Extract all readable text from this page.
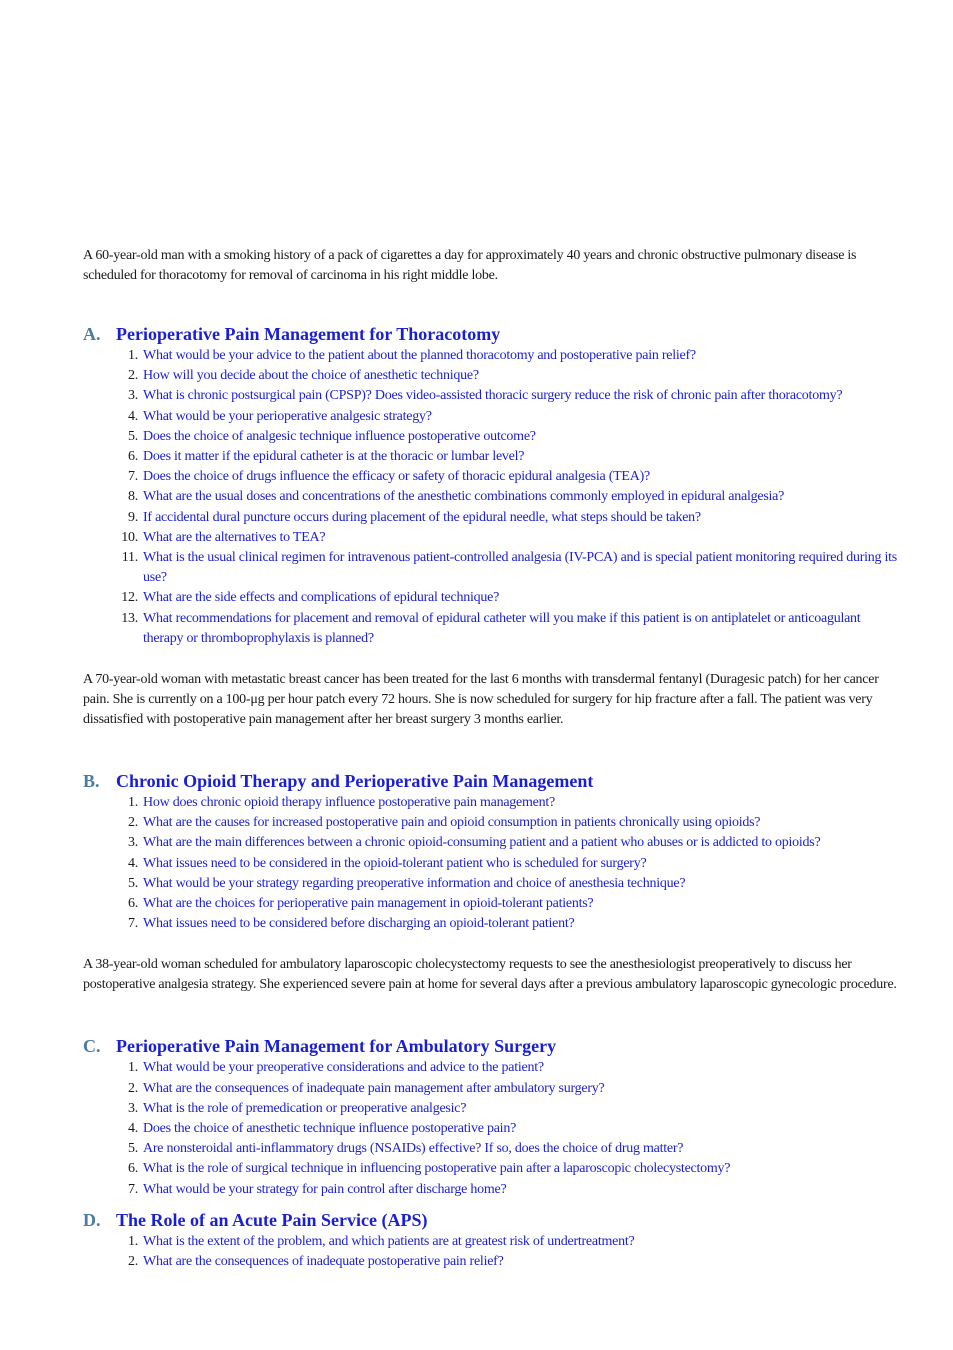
A 60-year-old man with a smoking history of a pack of cigarettes a day for approximately 40 years and chronic obstructive pulmonary disease is scheduled for thoracotomy for removal of carcinoma in his right middle lobe.

A. Perioperative Pain Management for Thoracotomy
1. What would be your advice to the patient about the planned thoracotomy and postoperative pain relief?
2. How will you decide about the choice of anesthetic technique?
3. What is chronic postsurgical pain (CPSP)? Does video-assisted thoracic surgery reduce the risk of chronic pain after thoracotomy?
4. What would be your perioperative analgesic strategy?
5. Does the choice of analgesic technique influence postoperative outcome?
6. Does it matter if the epidural catheter is at the thoracic or lumbar level?
7. Does the choice of drugs influence the efficacy or safety of thoracic epidural analgesia (TEA)?
8. What are the usual doses and concentrations of the anesthetic combinations commonly employed in epidural analgesia?
9. If accidental dural puncture occurs during placement of the epidural needle, what steps should be taken?
10. What are the alternatives to TEA?
11. What is the usual clinical regimen for intravenous patient-controlled analgesia (IV-PCA) and is special patient monitoring required during its use?
12. What are the side effects and complications of epidural technique?
13. What recommendations for placement and removal of epidural catheter will you make if this patient is on antiplatelet or anticoagulant therapy or thromboprophylaxis is planned?

A 70-year-old woman with metastatic breast cancer has been treated for the last 6 months with transdermal fentanyl (Duragesic patch) for her cancer pain. She is currently on a 100-μg per hour patch every 72 hours. She is now scheduled for surgery for hip fracture after a fall. The patient was very dissatisfied with postoperative pain management after her breast surgery 3 months earlier.

B. Chronic Opioid Therapy and Perioperative Pain Management
1. How does chronic opioid therapy influence postoperative pain management?
2. What are the causes for increased postoperative pain and opioid consumption in patients chronically using opioids?
3. What are the main differences between a chronic opioid-consuming patient and a patient who abuses or is addicted to opioids?
4. What issues need to be considered in the opioid-tolerant patient who is scheduled for surgery?
5. What would be your strategy regarding preoperative information and choice of anesthesia technique?
6. What are the choices for perioperative pain management in opioid-tolerant patients?
7. What issues need to be considered before discharging an opioid-tolerant patient?

A 38-year-old woman scheduled for ambulatory laparoscopic cholecystectomy requests to see the anesthesiologist preoperatively to discuss her postoperative analgesia strategy. She experienced severe pain at home for several days after a previous ambulatory laparoscopic gynecologic procedure.

C. Perioperative Pain Management for Ambulatory Surgery
1. What would be your preoperative considerations and advice to the patient?
2. What are the consequences of inadequate pain management after ambulatory surgery?
3. What is the role of premedication or preoperative analgesic?
4. Does the choice of anesthetic technique influence postoperative pain?
5. Are nonsteroidal anti-inflammatory drugs (NSAIDs) effective? If so, does the choice of drug matter?
6. What is the role of surgical technique in influencing postoperative pain after a laparoscopic cholecystectomy?
7. What would be your strategy for pain control after discharge home?
D. The Role of an Acute Pain Service (APS)
1. What is the extent of the problem, and which patients are at greatest risk of undertreatment?
2. What are the consequences of inadequate postoperative pain relief?
